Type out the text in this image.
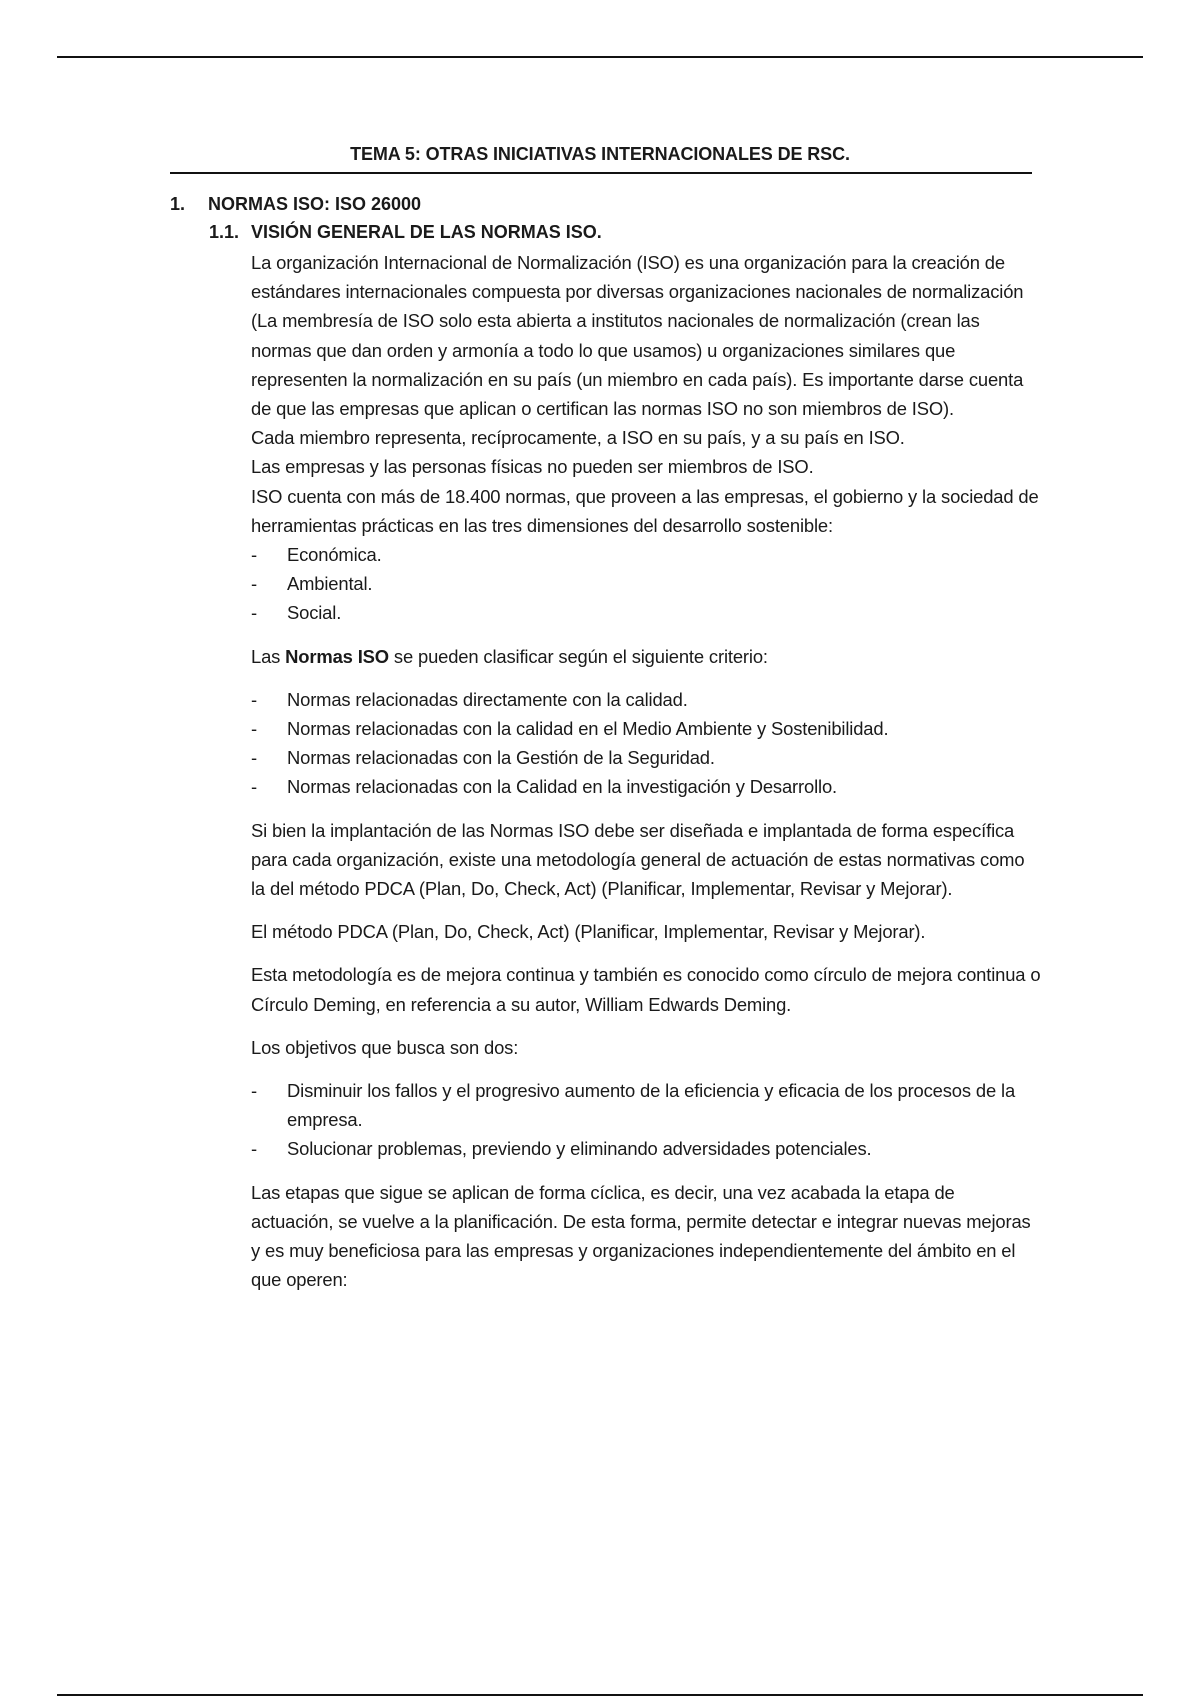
TEMA 5: OTRAS INICIATIVAS INTERNACIONALES DE RSC.
1. NORMAS ISO: ISO 26000
1.1. VISIÓN GENERAL DE LAS NORMAS ISO.

La organización Internacional de Normalización (ISO) es una organización para la creación de estándares internacionales compuesta por diversas organizaciones nacionales de normalización (La membresía de ISO solo esta abierta a institutos nacionales de normalización (crean las normas que dan orden y armonía a todo lo que usamos) u organizaciones similares que representen la normalización en su país (un miembro en cada país). Es importante darse cuenta de que las empresas que aplican o certifican las normas ISO no son miembros de ISO).

Cada miembro representa, recíprocamente, a ISO en su país, y a su país en ISO.

Las empresas y las personas físicas no pueden ser miembros de ISO.

ISO cuenta con más de 18.400 normas, que proveen a las empresas, el gobierno y la sociedad de herramientas prácticas en las tres dimensiones del desarrollo sostenible:

- Económica.
- Ambiental.
- Social.

Las Normas ISO se pueden clasificar según el siguiente criterio:

- Normas relacionadas directamente con la calidad.
- Normas relacionadas con la calidad en el Medio Ambiente y Sostenibilidad.
- Normas relacionadas con la Gestión de la Seguridad.
- Normas relacionadas con la Calidad en la investigación y Desarrollo.

Si bien la implantación de las Normas ISO debe ser diseñada e implantada de forma específica para cada organización, existe una metodología general de actuación de estas normativas como la del método PDCA (Plan, Do, Check, Act) (Planificar, Implementar, Revisar y Mejorar).

El método PDCA (Plan, Do, Check, Act) (Planificar, Implementar, Revisar y Mejorar).

Esta metodología es de mejora continua y también es conocido como círculo de mejora continua o Círculo Deming, en referencia a su autor, William Edwards Deming.

Los objetivos que busca son dos:

- Disminuir los fallos y el progresivo aumento de la eficiencia y eficacia de los procesos de la empresa.
- Solucionar problemas, previendo y eliminando adversidades potenciales.

Las etapas que sigue se aplican de forma cíclica, es decir, una vez acabada la etapa de actuación, se vuelve a la planificación. De esta forma, permite detectar e integrar nuevas mejoras y es muy beneficiosa para las empresas y organizaciones independientemente del ámbito en el que operen:
